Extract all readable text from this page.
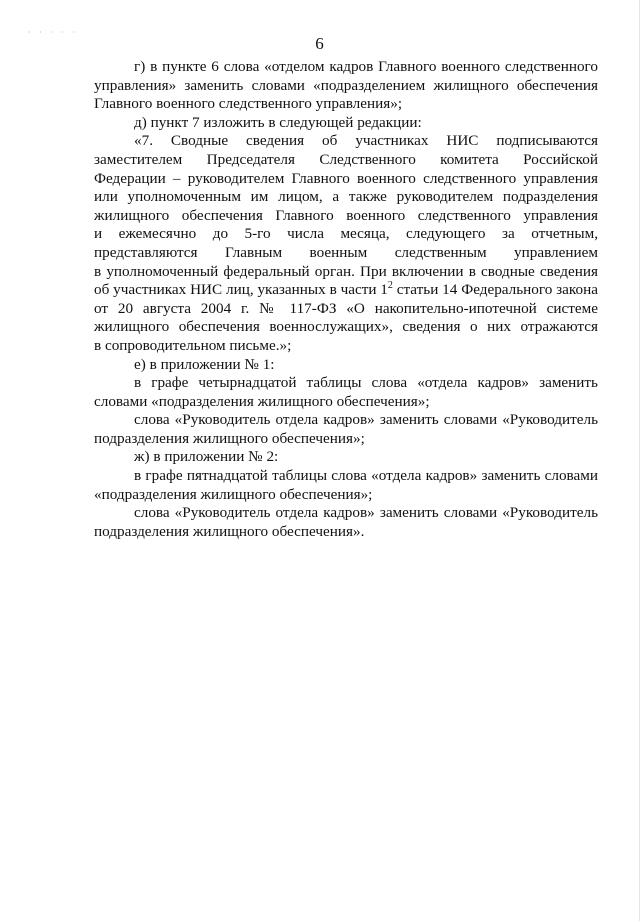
· · · · ·
6

г) в пункте 6 слова «отделом кадров Главного военного следственного

управления» заменить словами «подразделением жилищного обеспечения

Главного военного следственного управления»;

д) пункт 7 изложить в следующей редакции:

«7. Сводные сведения об участниках НИС подписываются

заместителем Председателя Следственного комитета Российской

Федерации – руководителем Главного военного следственного управления

или уполномоченным им лицом, а также руководителем подразделения

жилищного обеспечения Главного военного следственного управления

и ежемесячно до 5-го числа месяца, следующего за отчетным,

представляются Главным военным следственным управлением

в уполномоченный федеральный орган. При включении в сводные сведения

об участниках НИС лиц, указанных в части $1^2$ статьи 14 Федерального закона

от 20 августа 2004 г. № 117-ФЗ «О накопительно-ипотечной системе

жилищного обеспечения военнослужащих», сведения о них отражаются

в сопроводительном письме.»;

е) в приложении № 1:

в графе четырнадцатой таблицы слова «отдела кадров» заменить

словами «подразделения жилищного обеспечения»;

слова «Руководитель отдела кадров» заменить словами «Руководитель

подразделения жилищного обеспечения»;

ж) в приложении № 2:

в графе пятнадцатой таблицы слова «отдела кадров» заменить словами

«подразделения жилищного обеспечения»;

слова «Руководитель отдела кадров» заменить словами «Руководитель

подразделения жилищного обеспечения».
